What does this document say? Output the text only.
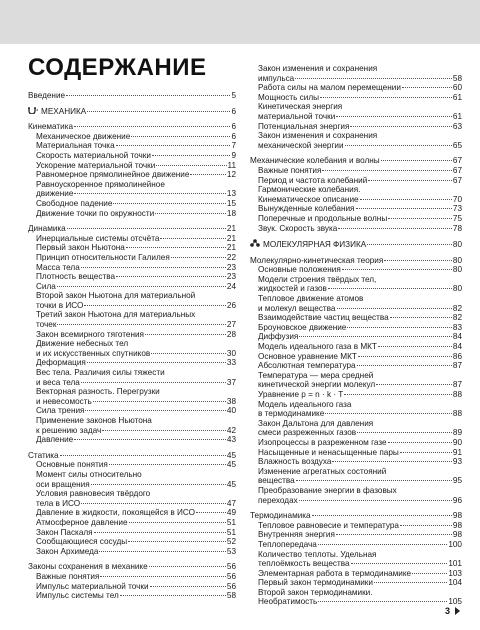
СОДЕРЖАНИЕ
Введение	5
МЕХАНИКА	6
Кинематика	6
Механическое движение	6
Материальная точка	7
Скорость материальной точки	9
Ускорение материальной точки	11
Равномерное прямолинейное движение	12
Равноускоренное прямолинейное
движение	13
Свободное падение	15
Движение точки по окружности	18
Динамика	21
Инерциальные системы отсчёта	21
Первый закон Ньютона	21
Принцип относительности Галилея	22
Масса тела	23
Плотность вещества	23
Сила	24
Второй закон Ньютона для материальной
точки в ИСО	26
Третий закон Ньютона для материальных
точек	27
Закон всемирного тяготения	28
Движение небесных тел
и их искусственных спутников	30
Деформация	33
Вес тела. Различия силы тяжести
и веса тела	37
Векторная разность. Перегрузки
и невесомость	38
Сила трения	40
Применение законов Ньютона
к решению задач	42
Давление	43
Статика	45
Основные понятия	45
Момент силы относительно
оси вращения	45
Условия равновесия твёрдого
тела в ИСО	47
Давление в жидкости, покоящейся в ИСО	49
Атмосферное давление	51
Закон Паскаля	51
Сообщающиеся сосуды	52
Закон Архимеда	53
Законы сохранения в механике	56
Важные понятия	56
Импульс материальной точки	56
Импульс системы тел	58
Закон изменения и сохранения
импульса	58
Работа силы на малом перемещении	60
Мощность силы	61
Кинетическая энергия
материальной точки	61
Потенциальная энергия	63
Закон изменения и сохранения
механической энергии	65
Механические колебания и волны	67
Важные понятия	67
Период и частота колебаний	67
Гармонические колебания.
Кинематическое описание	70
Вынужденные колебания	73
Поперечные и продольные волны	75
Звук. Скорость звука	78
МОЛЕКУЛЯРНАЯ ФИЗИКА	80
Молекулярно-кинетическая теория	80
Основные положения	80
Модели строения твёрдых тел,
жидкостей и газов	80
Тепловое движение атомов
и молекул вещества	82
Взаимодействие частиц вещества	82
Броуновское движение	83
Диффузия	84
Модель идеального газа в МКТ	84
Основное уравнение МКТ	86
Абсолютная температура	87
Температура — мера средней
кинетической энергии молекул	87
Уравнение p = n · k · T	88
Модель идеального газа
в термодинамике	88
Закон Дальтона для давления
смеси разреженных газов	89
Изопроцессы в разреженном газе	90
Насыщенные и ненасыщенные пары	91
Влажность воздуха	93
Изменение агрегатных состояний
вещества	95
Преобразование энергии в фазовых
переходах	96
Термодинамика	98
Тепловое равновесие и температура	98
Внутренняя энергия	98
Теплопередача	100
Количество теплоты. Удельная
теплоёмкость вещества	101
Элементарная работа в термодинамике	103
Первый закон термодинамики	104
Второй закон термодинамики.
Необратимость	105
3
